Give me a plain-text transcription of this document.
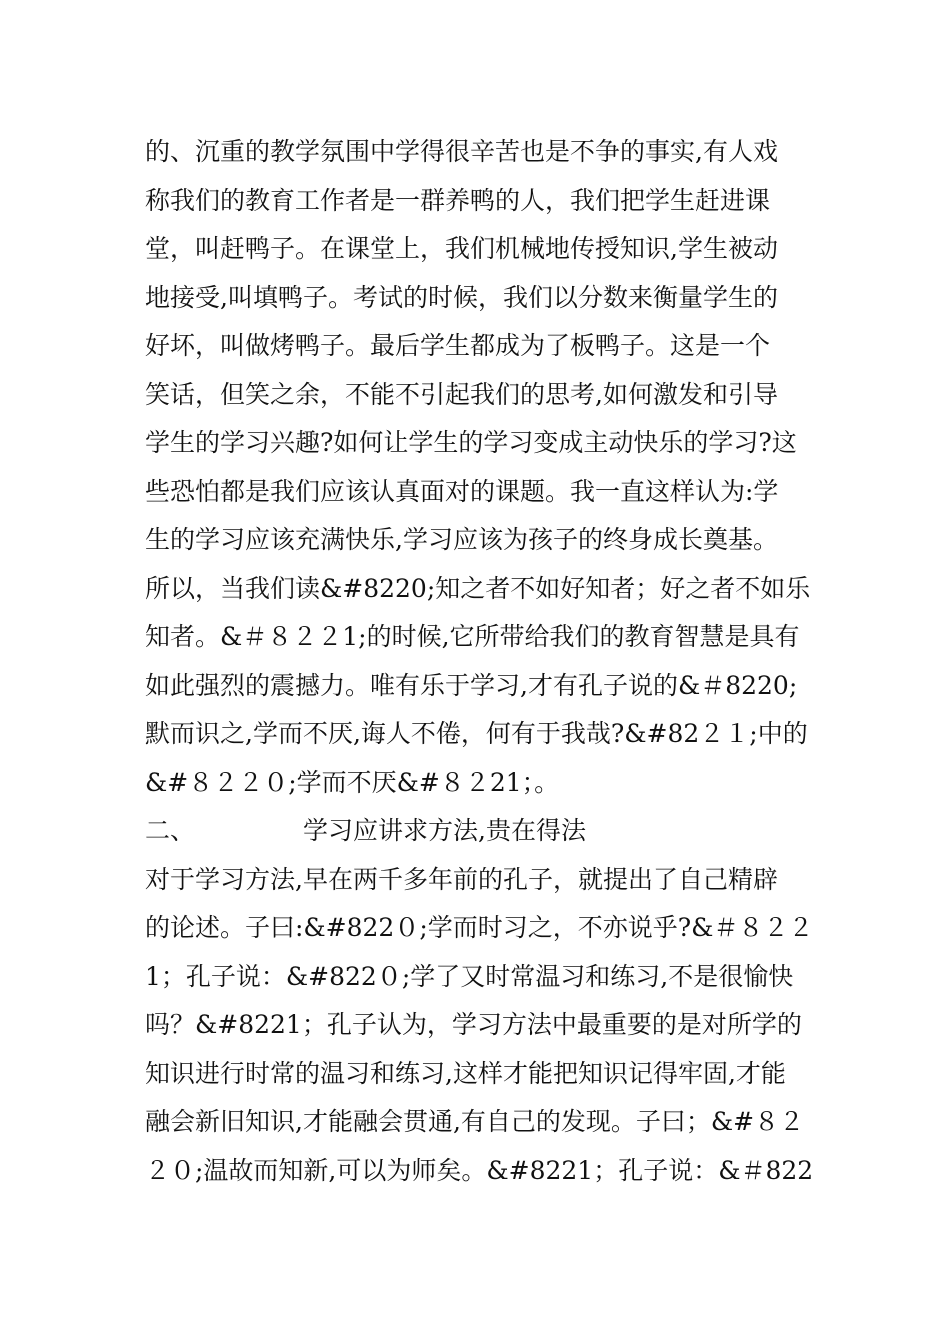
的、沉重的教学氛围中学得很辛苦也是不争的事实,有人戏
称我们的教育工作者是一群养鸭的人，我们把学生赶进课
堂，叫赶鸭子。在课堂上，我们机械地传授知识,学生被动
地接受,叫填鸭子。考试的时候，我们以分数来衡量学生的
好坏，叫做烤鸭子。最后学生都成为了板鸭子。这是一个
笑话，但笑之余，不能不引起我们的思考,如何激发和引导
学生的学习兴趣?如何让学生的学习变成主动快乐的学习?这
些恐怕都是我们应该认真面对的课题。我一直这样认为:学
生的学习应该充满快乐,学习应该为孩子的终身成长奠基。
所以，当我们读&#8220;知之者不如好知者；好之者不如乐
知者。&＃８２２1;的时候,它所带给我们的教育智慧是具有
如此强烈的震撼力。唯有乐于学习,才有孔子说的&＃8220;
默而识之,学而不厌,诲人不倦，何有于我哉?&#82２１;中的
&#８２２０;学而不厌&#８２21；。
二、	学习应讲求方法,贵在得法
对于学习方法,早在两千多年前的孔子，就提出了自己精辟
的论述。子曰:&#822０;学而时习之，不亦说乎?&＃８２２
1；孔子说：&#822０;学了又时常温习和练习,不是很愉快
吗？&#8221；孔子认为，学习方法中最重要的是对所学的
知识进行时常的温习和练习,这样才能把知识记得牢固,才能
融会新旧知识,才能融会贯通,有自己的发现。子曰；&#８２
２０;温故而知新,可以为师矣。&#8221；孔子说：&＃822
